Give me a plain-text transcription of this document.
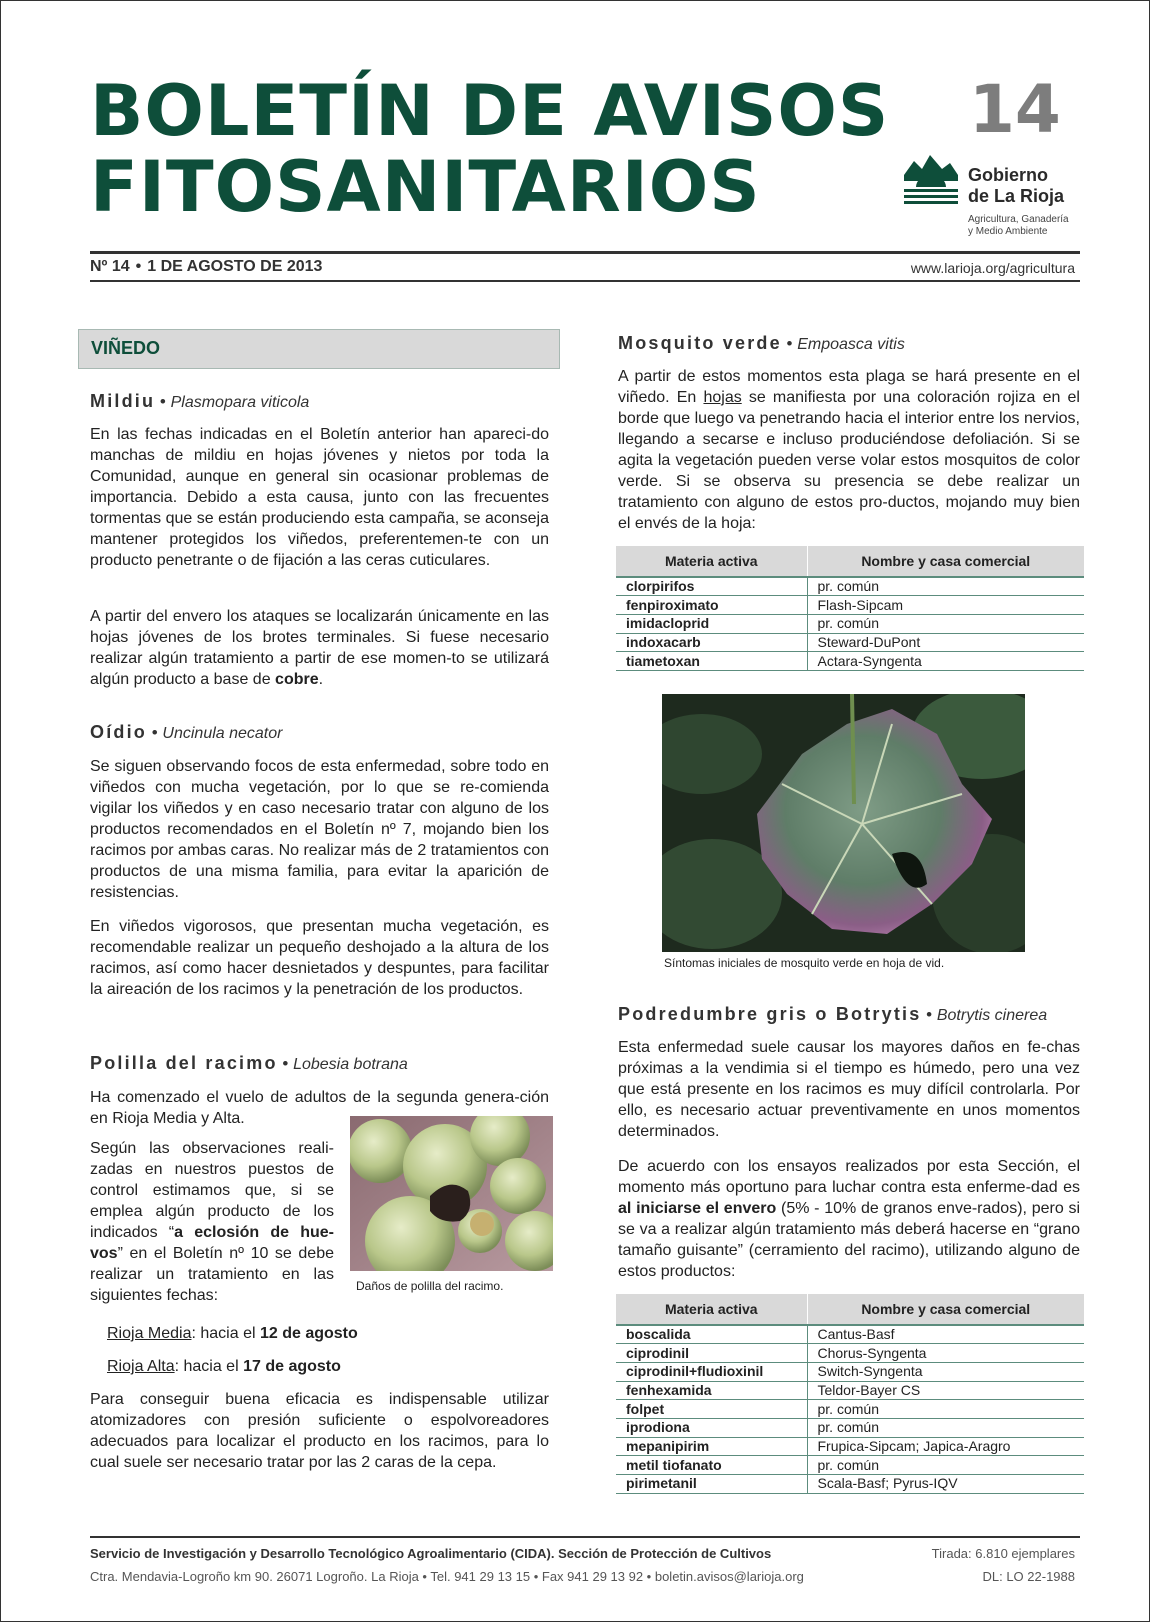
BOLETÍN DE AVISOS
FITOSANITARIOS
14
Gobierno
de La Rioja
Agricultura, Ganadería
y Medio Ambiente
Nº 14 • 1 DE AGOSTO DE 2013	www.larioja.org/agricultura
VIÑEDO
Mildiu • Plasmopara viticola
En las fechas indicadas en el Boletín anterior han apareci-do manchas de mildiu en hojas jóvenes y nietos por toda la Comunidad, aunque en general sin ocasionar problemas de importancia. Debido a esta causa, junto con las frecuentes tormentas que se están produciendo esta campaña, se aconseja mantener protegidos los viñedos, preferentemen-te con un producto penetrante o de fijación a las ceras cuticulares.
A partir del envero los ataques se localizarán únicamente en las hojas jóvenes de los brotes terminales. Si fuese necesario realizar algún tratamiento a partir de ese momen-to se utilizará algún producto a base de cobre.
Oídio • Uncinula necator
Se siguen observando focos de esta enfermedad, sobre todo en viñedos con mucha vegetación, por lo que se re-comienda vigilar los viñedos y en caso necesario tratar con alguno de los productos recomendados en el Boletín nº 7, mojando bien los racimos por ambas caras. No realizar más de 2 tratamientos con productos de una misma familia, para evitar la aparición de resistencias.
En viñedos vigorosos, que presentan mucha vegetación, es recomendable realizar un pequeño deshojado a la altura de los racimos, así como hacer desnietados y despuntes, para facilitar la aireación de los racimos y la penetración de los productos.
Polilla del racimo • Lobesia botrana
Ha comenzado el vuelo de adultos de la segunda genera-ción en Rioja Media y Alta.
Según las observaciones reali-zadas en nuestros puestos de control estimamos que, si se emplea algún producto de los indicados “a eclosión de hue-vos” en el Boletín nº 10 se debe realizar un tratamiento en las siguientes fechas:
Daños de polilla del racimo.
Rioja Media: hacia el 12 de agosto
Rioja Alta: hacia el 17 de agosto
Para conseguir buena eficacia es indispensable utilizar atomizadores con presión suficiente o espolvoreadores adecuados para localizar el producto en los racimos, para lo cual suele ser necesario tratar por las 2 caras de la cepa.
Mosquito verde • Empoasca vitis
A partir de estos momentos esta plaga se hará presente en el viñedo. En hojas se manifiesta por una coloración rojiza en el borde que luego va penetrando hacia el interior entre los nervios, llegando a secarse e incluso produciéndose defoliación. Si se agita la vegetación pueden verse volar estos mosquitos de color verde. Si se observa su presencia se debe realizar un tratamiento con alguno de estos pro-ductos, mojando muy bien el envés de la hoja:
Materia activa	Nombre y casa comercial
clorpirifos	pr. común
fenpiroximato	Flash-Sipcam
imidacloprid	pr. común
indoxacarb	Steward-DuPont
tiametoxan	Actara-Syngenta
Síntomas iniciales de mosquito verde en hoja de vid.
Podredumbre gris o Botrytis • Botrytis cinerea
Esta enfermedad suele causar los mayores daños en fe-chas próximas a la vendimia si el tiempo es húmedo, pero una vez que está presente en los racimos es muy difícil controlarla. Por ello, es necesario actuar preventivamente en unos momentos determinados.
De acuerdo con los ensayos realizados por esta Sección, el momento más oportuno para luchar contra esta enferme-dad es al iniciarse el envero (5% - 10% de granos enve-rados), pero si se va a realizar algún tratamiento más deberá hacerse en “grano tamaño guisante” (cerramiento del racimo), utilizando alguno de estos productos:
Materia activa	Nombre y casa comercial
boscalida	Cantus-Basf
ciprodinil	Chorus-Syngenta
ciprodinil+fludioxinil	Switch-Syngenta
fenhexamida	Teldor-Bayer CS
folpet	pr. común
iprodiona	pr. común
mepanipirim	Frupica-Sipcam; Japica-Aragro
metil tiofanato	pr. común
pirimetanil	Scala-Basf; Pyrus-IQV
Servicio de Investigación y Desarrollo Tecnológico Agroalimentario (CIDA). Sección de Protección de Cultivos
Ctra. Mendavia-Logroño km 90. 26071 Logroño. La Rioja • Tel. 941 29 13 15 • Fax 941 29 13 92 • boletin.avisos@larioja.org
Tirada: 6.810 ejemplares
DL: LO 22-1988
